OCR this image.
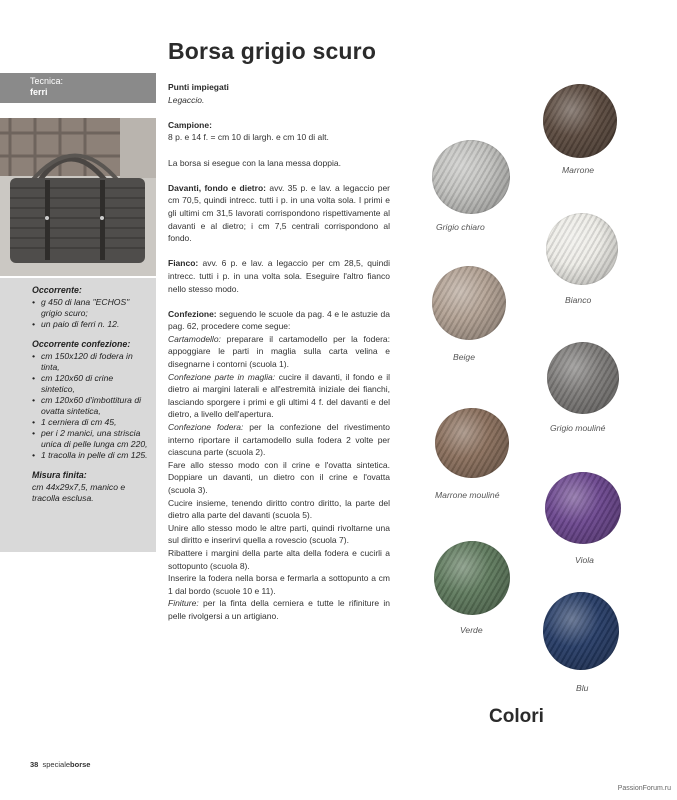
Borsa grigio scuro
Tecnica:
ferri
Occorrente:
• g 450 di lana "ECHOS" grigio scuro;
• un paio di ferri n. 12.
Occorrente confezione:
• cm 150x120 di fodera in tinta,
• cm 120x60 di crine sintetico,
• cm 120x60 d'imbottitura di ovatta sintetica,
• 1 cerniera di cm 45,
• per i 2 manici, una striscia unica di pelle lunga cm 220,
• 1 tracolla in pelle di cm 125.
Misura finita:

cm 44x29x7,5, manico e tracolla esclusa.

Punti impiegati

Legaccio.

Campione:

8 p. e 14 f. = cm 10 di largh. e cm 10 di alt.

La borsa si esegue con la lana messa doppia.

Davanti, fondo e dietro: avv. 35 p. e lav. a legaccio per cm 70,5, quindi intrecc. tutti i p. in una volta sola. I primi e gli ultimi cm 31,5 lavorati corrispondono rispettivamente al davanti e al dietro; i cm 7,5 centrali corrispondono al fondo.

Fianco: avv. 6 p. e lav. a legaccio per cm 28,5, quindi intrecc. tutti i p. in una volta sola. Eseguire l'altro fianco nello stesso modo.

Confezione: seguendo le scuole da pag. 4 e le astuzie da pag. 62, procedere come segue:

Cartamodello: preparare il cartamodello per la fodera: appoggiare le parti in maglia sulla carta velina e disegnarne i contorni (scuola 1).

Confezione parte in maglia: cucire il davanti, il fondo e il dietro ai margini laterali e all'estremità iniziale dei fianchi, lasciando sporgere i primi e gli ultimi 4 f. del davanti e del dietro, a livello dell'apertura.

Confezione fodera: per la confezione del rivestimento interno riportare il cartamodello sulla fodera 2 volte per ciascuna parte (scuola 2).

Fare allo stesso modo con il crine e l'ovatta sintetica. Doppiare un davanti, un dietro con il crine e l'ovatta (scuola 3).

Cucire insieme, tenendo diritto contro diritto, la parte del dietro alla parte del davanti (scuola 5).

Unire allo stesso modo le altre parti, quindi rivoltarne una sul diritto e inserirvi quella a rovescio (scuola 7).

Ribattere i margini della parte alta della fodera e cucirli a sottopunto (scuola 8).

Inserire la fodera nella borsa e fermarla a sottopunto a cm 1 dal bordo (scuole 10 e 11).

Finiture: per la finta della cerniera e tutte le rifiniture in pelle rivolgersi a un artigiano.

Marrone
Grigio chiaro
Bianco
Beige
Grigio mouliné
Marrone mouliné
Viola
Verde
Blu
Colori
38 specialeborse
PassionForum.ru
